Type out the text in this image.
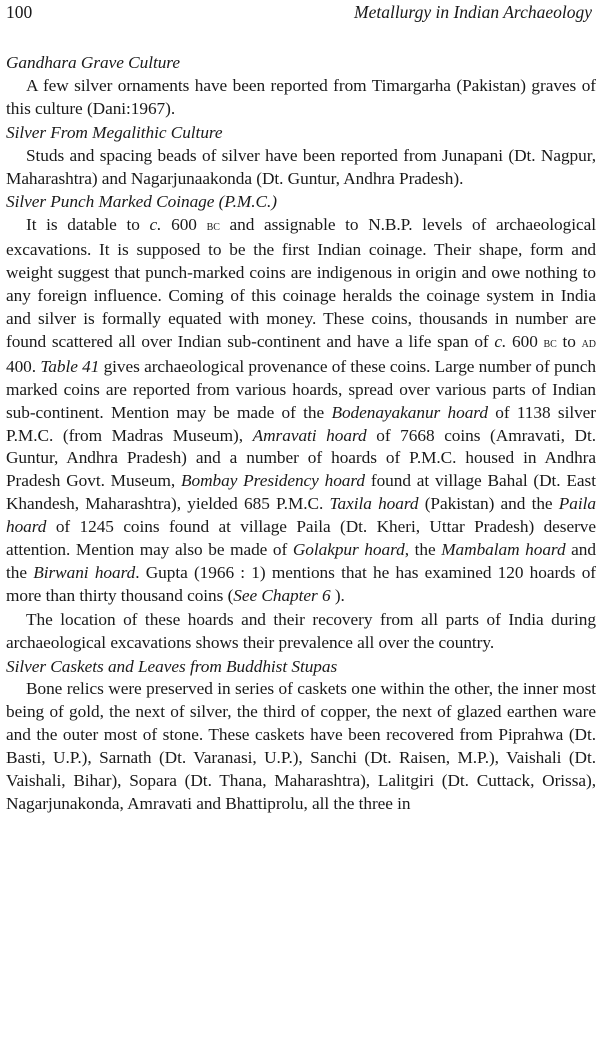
100	Metallurgy in Indian Archaeology
Gandhara Grave Culture

A few silver ornaments have been reported from Timargarha (Pakistan) graves of this culture (Dani:1967).

Silver From Megalithic Culture

Studs and spacing beads of silver have been reported from Junapani (Dt. Nagpur, Maharashtra) and Nagarjunaakonda (Dt. Guntur, Andhra Pradesh).

Silver Punch Marked Coinage (P.M.C.)

It is datable to c. 600 bc and assignable to N.B.P. levels of archaeological excavations. It is supposed to be the first Indian coinage. Their shape, form and weight suggest that punch-marked coins are indigenous in origin and owe nothing to any foreign influence. Coming of this coinage heralds the coinage system in India and silver is formally equated with money. These coins, thousands in number are found scattered all over Indian sub-continent and have a life span of c. 600 bc to ad 400. Table 41 gives archaeological provenance of these coins. Large number of punch marked coins are reported from various hoards, spread over various parts of Indian sub-continent. Mention may be made of the Bodenayakanur hoard of 1138 silver P.M.C. (from Madras Museum), Amravati hoard of 7668 coins (Amravati, Dt. Guntur, Andhra Pradesh) and a number of hoards of P.M.C. housed in Andhra Pradesh Govt. Museum, Bombay Presidency hoard found at village Bahal (Dt. East Khandesh, Maharashtra), yielded 685 P.M.C. Taxila hoard (Pakistan) and the Paila hoard of 1245 coins found at village Paila (Dt. Kheri, Uttar Pradesh) deserve attention. Mention may also be made of Golakpur hoard, the Mambalam hoard and the Birwani hoard. Gupta (1966 : 1) mentions that he has examined 120 hoards of more than thirty thousand coins (See Chapter 6 ).

The location of these hoards and their recovery from all parts of India during archaeological excavations shows their prevalence all over the country.

Silver Caskets and Leaves from Buddhist Stupas

Bone relics were preserved in series of caskets one within the other, the inner most being of gold, the next of silver, the third of copper, the next of glazed earthen ware and the outer most of stone. These caskets have been recovered from Piprahwa (Dt. Basti, U.P.), Sarnath (Dt. Varanasi, U.P.), Sanchi (Dt. Raisen, M.P.), Vaishali (Dt. Vaishali, Bihar), Sopara (Dt. Thana, Maharashtra), Lalitgiri (Dt. Cuttack, Orissa), Nagarjunakonda, Amravati and Bhattiprolu, all the three in
